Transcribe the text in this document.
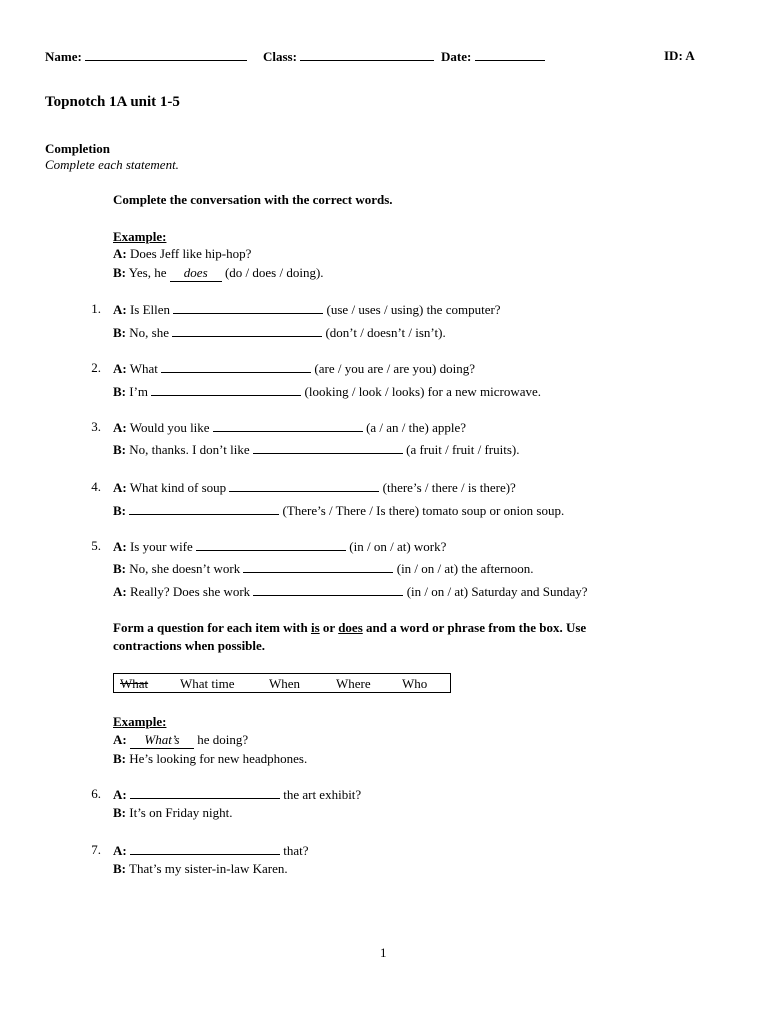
Name:	Class:	Date:	ID: A
Topnotch 1A unit 1-5
Completion
Complete each statement.
Complete the conversation with the correct words.
Example:
A: Does Jeff like hip-hop?
B: Yes, he does (do / does / doing).
1. A: Is Ellen	(use / uses / using) the computer?
B: No, she	(don’t / doesn’t / isn’t).
2. A: What	(are / you are / are you) doing?
B: I’m	(looking / look / looks) for a new microwave.
3. A: Would you like	(a / an / the) apple?
B: No, thanks. I don’t like	(a fruit / fruit / fruits).
4. A: What kind of soup	(there’s / there / is there)?
B:	(There’s / There / Is there) tomato soup or onion soup.
5. A: Is your wife	(in / on / at) work?
B: No, she doesn’t work	(in / on / at) the afternoon.
A: Really? Does she work	(in / on / at) Saturday and Sunday?
Form a question for each item with is or does and a word or phrase from the box. Use
contractions when possible.
What What time	When	Where Who
Example:
A: What’s he doing?
B: He’s looking for new headphones.
6. A:	the art exhibit?
B: It’s on Friday night.
7. A:	that?
B: That’s my sister-in-law Karen.
1
